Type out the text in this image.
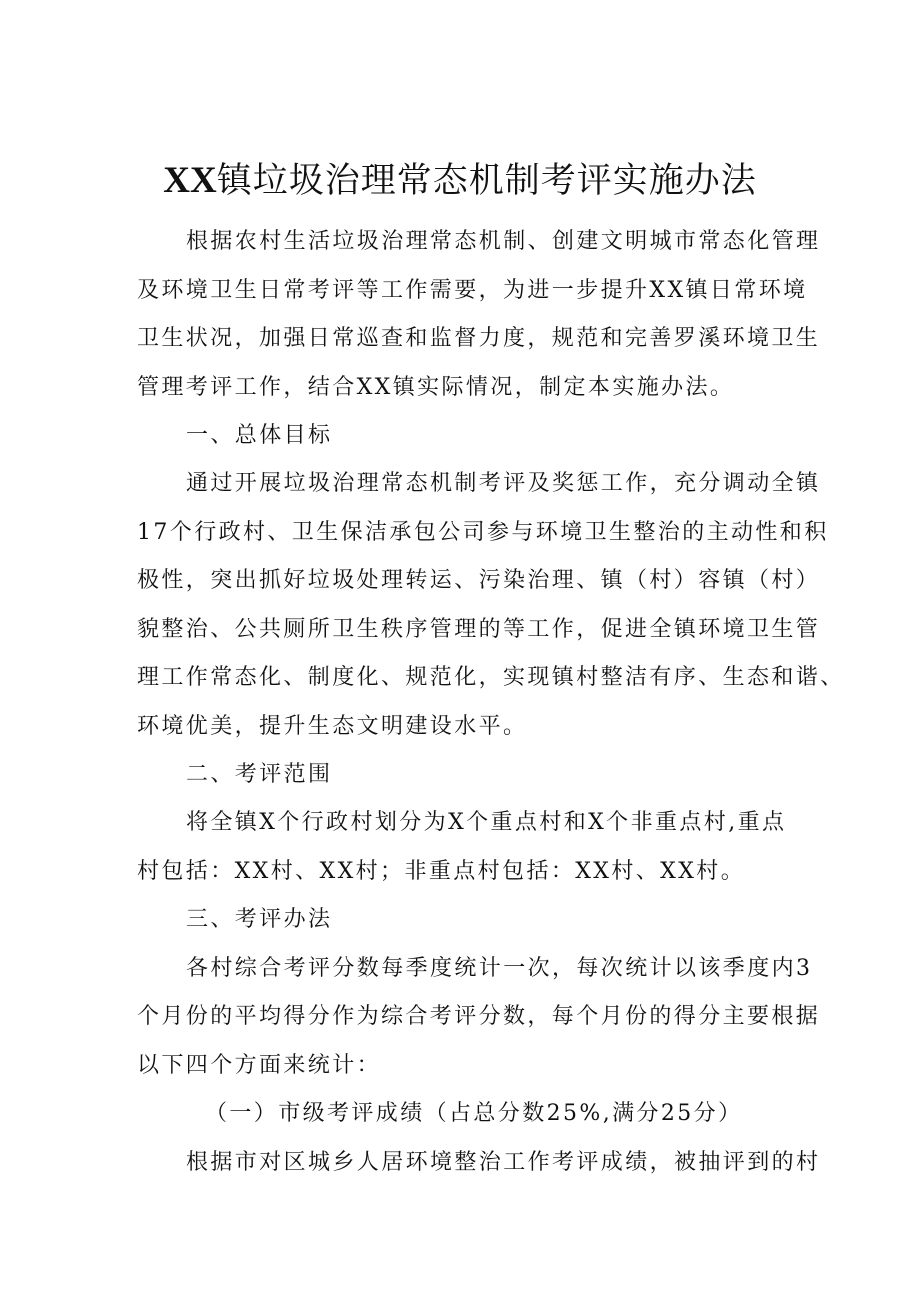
XX镇垃圾治理常态机制考评实施办法
根据农村生活垃圾治理常态机制、创建文明城市常态化管理
及环境卫生日常考评等工作需要，为进一步提升XX镇日常环境
卫生状况，加强日常巡查和监督力度，规范和完善罗溪环境卫生
管理考评工作，结合XX镇实际情况，制定本实施办法。
一、总体目标
通过开展垃圾治理常态机制考评及奖惩工作，充分调动全镇
17个行政村、卫生保洁承包公司参与环境卫生整治的主动性和积
极性，突出抓好垃圾处理转运、污染治理、镇（村）容镇（村）
貌整治、公共厕所卫生秩序管理的等工作，促进全镇环境卫生管
理工作常态化、制度化、规范化，实现镇村整洁有序、生态和谐、
环境优美，提升生态文明建设水平。
二、考评范围
将全镇X个行政村划分为X个重点村和X个非重点村,重点
村包括：XX村、XX村；非重点村包括：XX村、XX村。
三、考评办法
各村综合考评分数每季度统计一次，每次统计以该季度内3
个月份的平均得分作为综合考评分数，每个月份的得分主要根据
以下四个方面来统计：
（一）市级考评成绩（占总分数25%,满分25分）
根据市对区城乡人居环境整治工作考评成绩，被抽评到的村
